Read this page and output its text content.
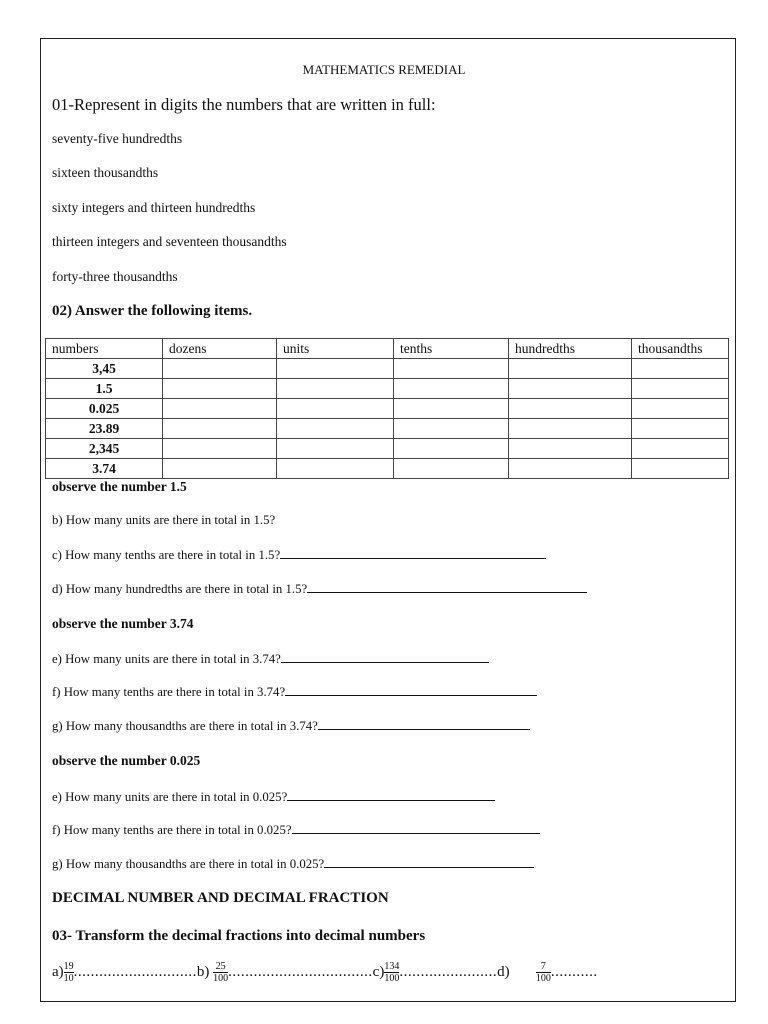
MATHEMATICS REMEDIAL
01-Represent in digits the numbers that are written in full:
seventy-five hundredths
sixteen thousandths
sixty integers and thirteen hundredths
thirteen integers and seventeen thousandths
forty-three thousandths
02) Answer the following items.
numbers	dozens	units	tenths	hundredths	thousandths
3,45					
1.5					
0.025					
23.89					
2,345					
3.74					
observe the number 1.5
b) How many units are there in total in 1.5?
c) How many tenths are there in total in 1.5?
d) How many hundredths are there in total in 1.5?
observe the number 3.74
e) How many units are there in total in 3.74?
f) How many tenths are there in total in 3.74?
g) How many thousandths are there in total in 3.74?
observe the number 0.025
e) How many units are there in total in 0.025?
f) How many tenths are there in total in 0.025?
g) How many thousandths are there in total in 0.025?
DECIMAL NUMBER AND DECIMAL FRACTION
03- Transform the decimal fractions into decimal numbers
$a) \frac{19}{10} .............................b) \frac{25}{100} ..................................c) \frac{134}{100} .......................d$)	$\frac{7}{100}$ ...........
